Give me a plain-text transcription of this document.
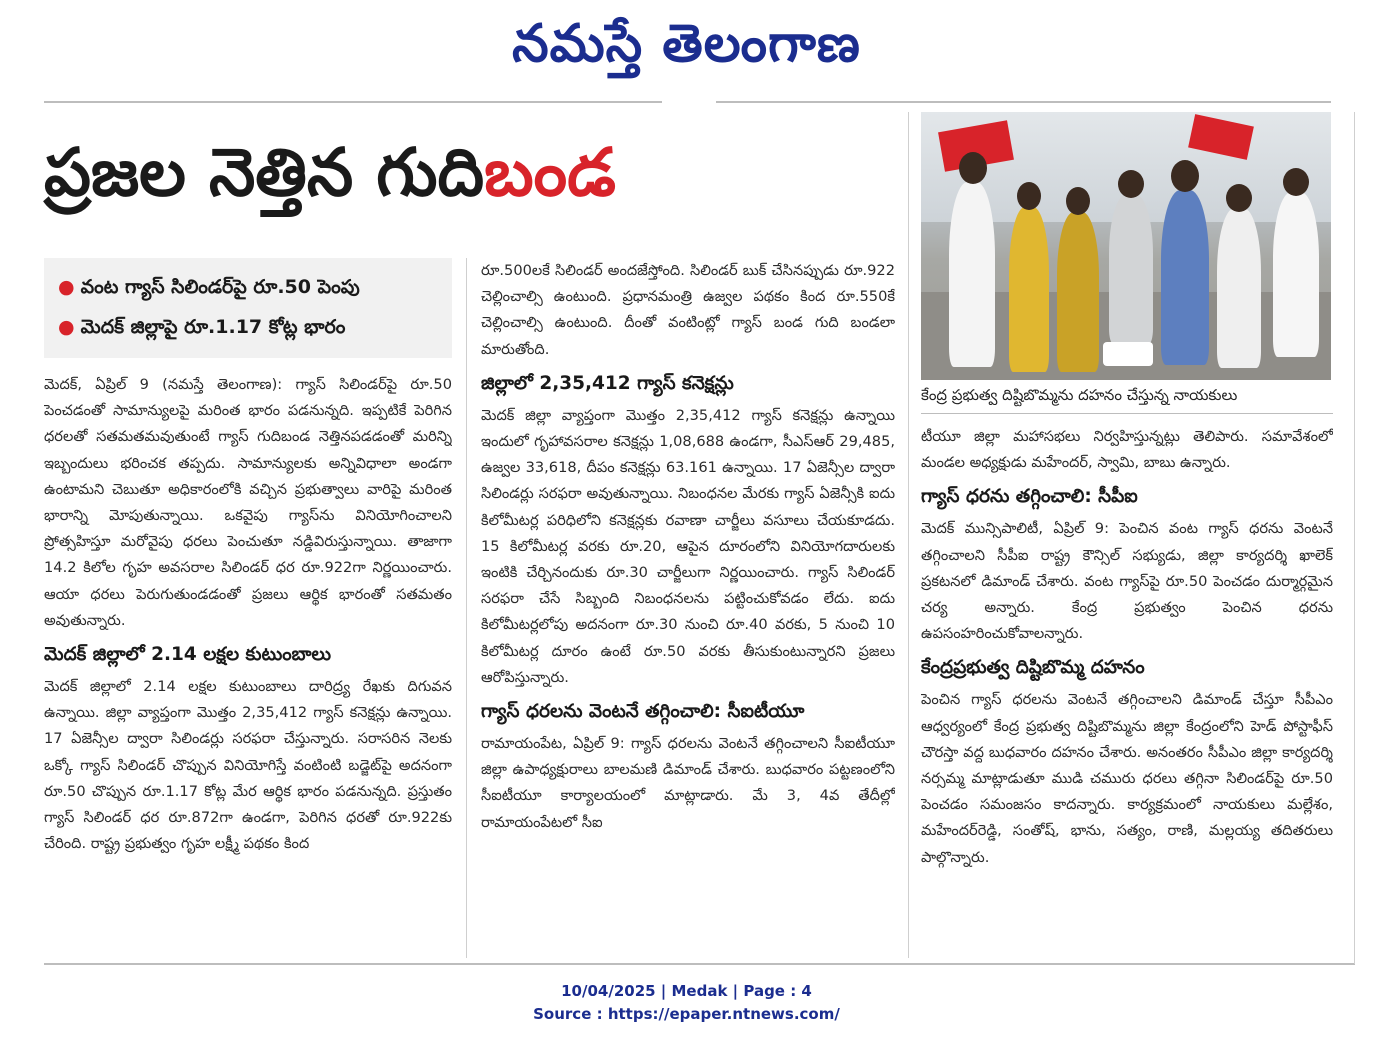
నమస్తే తెలంగాణ
ప్రజల నెత్తిన గుదిబండ
కేంద్ర ప్రభుత్వ దిష్టిబొమ్మను దహనం చేస్తున్న నాయకులు
● వంట గ్యాస్ సిలిండర్‌పై రూ.50 పెంపు
● మెదక్ జిల్లాపై రూ.1.17 కోట్ల భారం

మెదక్, ఏప్రిల్ 9 (నమస్తే తెలంగాణ): గ్యాస్ సిలిండర్‌పై రూ.50 పెంచడంతో సామాన్యులపై మరింత భారం పడనున్నది. ఇప్పటికే పెరిగిన ధరలతో సతమతమవుతుంటే గ్యాస్ గుదిబండ నెత్తినపడడంతో మరిన్ని ఇబ్బందులు భరించక తప్పదు. సామాన్యులకు అన్నివిధాలా అండగా ఉంటామని చెబుతూ అధికారంలోకి వచ్చిన ప్రభుత్వాలు వారిపై మరింత భారాన్ని మోపుతున్నాయి. ఒకవైపు గ్యాస్‌ను వినియోగించాలని ప్రోత్సహిస్తూ మరోవైపు ధరలు పెంచుతూ నడ్డివిరుస్తున్నాయి. తాజాగా 14.2 కిలోల గృహ అవసరాల సిలిండర్ ధర రూ.922గా నిర్ణయించారు. ఆయా ధరలు పెరుగుతుండడంతో ప్రజలు ఆర్థిక భారంతో సతమతం అవుతున్నారు.

మెదక్ జిల్లాలో 2.14 లక్షల కుటుంబాలు

మెదక్ జిల్లాలో 2.14 లక్షల కుటుంబాలు దారిద్ర్య రేఖకు దిగువన ఉన్నాయి. జిల్లా వ్యాప్తంగా మొత్తం 2,35,412 గ్యాస్ కనెక్షన్లు ఉన్నాయి. 17 ఏజెన్సీల ద్వారా సిలిండర్లు సరఫరా చేస్తున్నారు. సరాసరిన నెలకు ఒక్కో గ్యాస్ సిలిండర్ చొప్పున వినియోగిస్తే వంటింటి బడ్జెట్‌పై అదనంగా రూ.50 చొప్పున రూ.1.17 కోట్ల మేర ఆర్థిక భారం పడనున్నది. ప్రస్తుతం గ్యాస్ సిలిండర్ ధర రూ.872గా ఉండగా, పెరిగిన ధరతో రూ.922కు చేరింది. రాష్ట్ర ప్రభుత్వం గృహ లక్ష్మీ పథకం కింద

రూ.500లకే సిలిండర్ అందజేస్తోంది. సిలిండర్ బుక్ చేసినప్పుడు రూ.922 చెల్లించాల్సి ఉంటుంది. ప్రధానమంత్రి ఉజ్వల పథకం కింద రూ.550కే చెల్లించాల్సి ఉంటుంది. దీంతో వంటింట్లో గ్యాస్ బండ గుది బండలా మారుతోంది.

జిల్లాలో 2,35,412 గ్యాస్ కనెక్షన్లు

మెదక్ జిల్లా వ్యాప్తంగా మొత్తం 2,35,412 గ్యాస్ కనెక్షన్లు ఉన్నాయి ఇందులో గృహావసరాల కనెక్షన్లు 1,08,688 ఉండగా, సీఎస్ఆర్ 29,485, ఉజ్వల 33,618, దీపం కనెక్షన్లు 63.161 ఉన్నాయి. 17 ఏజెన్సీల ద్వారా సిలిండర్లు సరఫరా అవుతున్నాయి. నిబంధనల మేరకు గ్యాస్ ఏజెన్సీకి ఐదు కిలోమీటర్ల పరిధిలోని కనెక్షన్లకు రవాణా చార్జీలు వసూలు చేయకూడదు. 15 కిలోమీటర్ల వరకు రూ.20, ఆపైన దూరంలోని వినియోగదారులకు ఇంటికి చేర్చినందుకు రూ.30 చార్జీలుగా నిర్ణయించారు. గ్యాస్ సిలిండర్ సరఫరా చేసే సిబ్బంది నిబంధనలను పట్టించుకోవడం లేదు. ఐదు కిలోమీటర్లలోపు అదనంగా రూ.30 నుంచి రూ.40 వరకు, 5 నుంచి 10 కిలోమీటర్ల దూరం ఉంటే రూ.50 వరకు తీసుకుంటున్నారని ప్రజలు ఆరోపిస్తున్నారు.

గ్యాస్ ధరలను వెంటనే తగ్గించాలి: సీఐటీయూ

రామాయంపేట, ఏప్రిల్ 9: గ్యాస్ ధరలను వెంటనే తగ్గించాలని సీఐటీయూ జిల్లా ఉపాధ్యక్షురాలు బాలమణి డిమాండ్ చేశారు. బుధవారం పట్టణంలోని సీఐటీయూ కార్యాలయంలో మాట్లాడారు. మే 3, 4వ తేదీల్లో రామాయంపేటలో సీఐ

టీయూ జిల్లా మహాసభలు నిర్వహిస్తున్నట్లు తెలిపారు. సమావేశంలో మండల అధ్యక్షుడు మహేందర్, స్వామి, బాబు ఉన్నారు.

గ్యాస్ ధరను తగ్గించాలి: సీపీఐ

మెదక్ మున్సిపాలిటీ, ఏప్రిల్ 9: పెంచిన వంట గ్యాస్ ధరను వెంటనే తగ్గించాలని సీపీఐ రాష్ట్ర కౌన్సిల్ సభ్యుడు, జిల్లా కార్యదర్శి ఖాలెక్ ప్రకటనలో డిమాండ్ చేశారు. వంట గ్యాస్‌పై రూ.50 పెంచడం దుర్మార్గమైన చర్య అన్నారు. కేంద్ర ప్రభుత్వం పెంచిన ధరను ఉపసంహరించుకోవాలన్నారు.

కేంద్రప్రభుత్వ దిష్టిబొమ్మ దహనం

పెంచిన గ్యాస్ ధరలను వెంటనే తగ్గించాలని డిమాండ్ చేస్తూ సీపీఎం ఆధ్వర్యంలో కేంద్ర ప్రభుత్వ దిష్టిబొమ్మను జిల్లా కేంద్రంలోని హెడ్ పోస్టాఫీస్ చౌరస్తా వద్ద బుధవారం దహనం చేశారు. అనంతరం సీపీఎం జిల్లా కార్యదర్శి నర్సమ్మ మాట్లాడుతూ ముడి చమురు ధరలు తగ్గినా సిలిండర్‌పై రూ.50 పెంచడం సమంజసం కాదన్నారు. కార్యక్రమంలో నాయకులు మల్లేశం, మహేందర్‌రెడ్డి, సంతోష్, భాను, సత్యం, రాణి, మల్లయ్య తదితరులు పాల్గొన్నారు.

10/04/2025 | Medak | Page : 4
Source : https://epaper.ntnews.com/
